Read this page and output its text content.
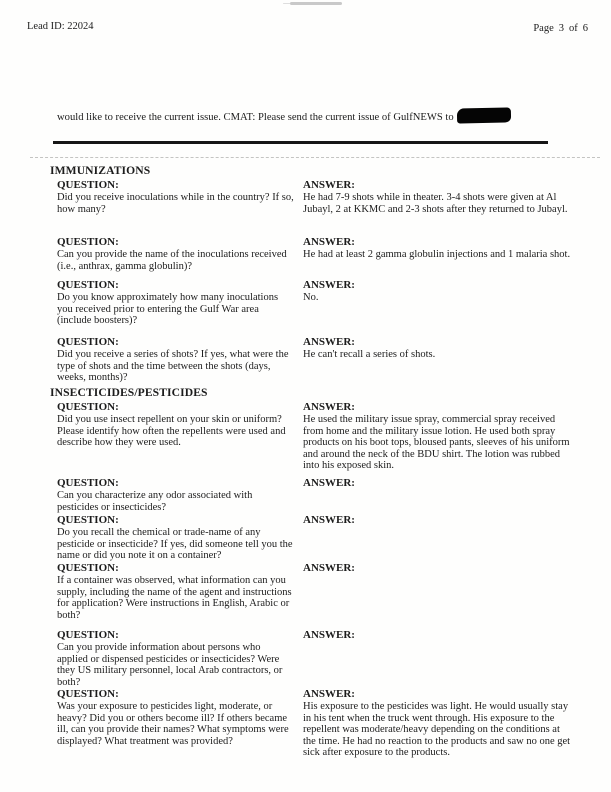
Lead ID: 22024	Page 3 of 6
would like to receive the current issue. CMAT: Please send the current issue of GulfNEWS to
IMMUNIZATIONS
QUESTION:
Did you receive inoculations while in the country? If so, how many?
ANSWER:
He had 7-9 shots while in theater. 3-4 shots were given at Al Jubayl, 2 at KKMC and 2-3 shots after they returned to Jubayl.
QUESTION:
Can you provide the name of the inoculations received (i.e., anthrax, gamma globulin)?
ANSWER:
He had at least 2 gamma globulin injections and 1 malaria shot.
QUESTION:
Do you know approximately how many inoculations you received prior to entering the Gulf War area (include boosters)?
ANSWER:
No.
QUESTION:
Did you receive a series of shots? If yes, what were the type of shots and the time between the shots (days, weeks, months)?
ANSWER:
He can't recall a series of shots.
INSECTICIDES/PESTICIDES
QUESTION:
Did you use insect repellent on your skin or uniform? Please identify how often the repellents were used and describe how they were used.
ANSWER:
He used the military issue spray, commercial spray received from home and the military issue lotion. He used both spray products on his boot tops, bloused pants, sleeves of his uniform and around the neck of the BDU shirt. The lotion was rubbed into his exposed skin.
QUESTION:
Can you characterize any odor associated with pesticides or insecticides?
ANSWER:
QUESTION:
Do you recall the chemical or trade-name of any pesticide or insecticide? If yes, did someone tell you the name or did you note it on a container?
ANSWER:
QUESTION:
If a container was observed, what information can you supply, including the name of the agent and instructions for application? Were instructions in English, Arabic or both?
ANSWER:
QUESTION:
Can you provide information about persons who applied or dispensed pesticides or insecticides? Were they US military personnel, local Arab contractors, or both?
ANSWER:
QUESTION:
Was your exposure to pesticides light, moderate, or heavy? Did you or others become ill? If others became ill, can you provide their names? What symptoms were displayed? What treatment was provided?
ANSWER:
His exposure to the pesticides was light. He would usually stay in his tent when the truck went through. His exposure to the repellent was moderate/heavy depending on the conditions at the time. He had no reaction to the products and saw no one get sick after exposure to the products.
